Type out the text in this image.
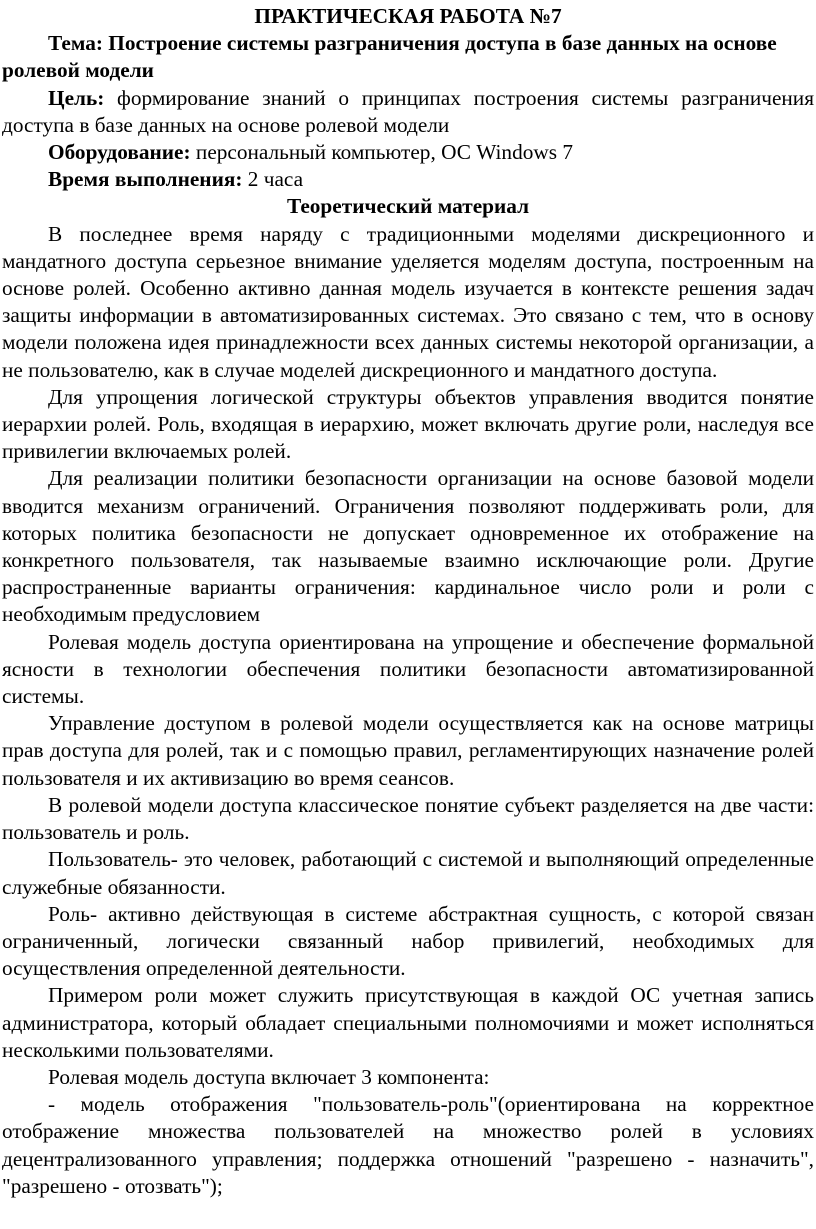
ПРАКТИЧЕСКАЯ РАБОТА №7

Тема: Построение системы разграничения доступа в базе данных на основе ролевой модели

Цель: формирование знаний о принципах построения системы разграничения доступа в базе данных на основе ролевой модели

Оборудование: персональный компьютер, ОС Windows 7

Время выполнения: 2 часа

Теоретический материал

В последнее время наряду с традиционными моделями дискреционного и мандатного доступа серьезное внимание уделяется моделям доступа, построенным на основе ролей. Особенно активно данная модель изучается в контексте решения задач защиты информации в автоматизированных системах. Это связано с тем, что в основу модели положена идея принадлежности всех данных системы некоторой организации, а не пользователю, как в случае моделей дискреционного и мандатного доступа.

Для упрощения логической структуры объектов управления вводится понятие иерархии ролей. Роль, входящая в иерархию, может включать другие роли, наследуя все привилегии включаемых ролей.

Для реализации политики безопасности организации на основе базовой модели вводится механизм ограничений. Ограничения позволяют поддерживать роли, для которых политика безопасности не допускает одновременное их отображение на конкретного пользователя, так называемые взаимно исключающие роли. Другие распространенные варианты ограничения: кардинальное число роли и роли с необходимым предусловием

Ролевая модель доступа ориентирована на упрощение и обеспечение формальной ясности в технологии обеспечения политики безопасности автоматизированной системы.

Управление доступом в ролевой модели осуществляется как на основе матрицы прав доступа для ролей, так и с помощью правил, регламентирующих назначение ролей пользователя и их активизацию во время сеансов.

В ролевой модели доступа классическое понятие субъект разделяется на две части: пользователь и роль.

Пользователь- это человек, работающий с системой и выполняющий определенные служебные обязанности.

Роль- активно действующая в системе абстрактная сущность, с которой связан ограниченный, логически связанный набор привилегий, необходимых для осуществления определенной деятельности.

Примером роли может служить присутствующая в каждой ОС учетная запись администратора, который обладает специальными полномочиями и может исполняться несколькими пользователями.

Ролевая модель доступа включает 3 компонента:

- модель отображения "пользователь-роль"(ориентирована на корректное отображение множества пользователей на множество ролей в условиях децентрализованного управления; поддержка отношений "разрешено - назначить", "разрешено - отозвать");
